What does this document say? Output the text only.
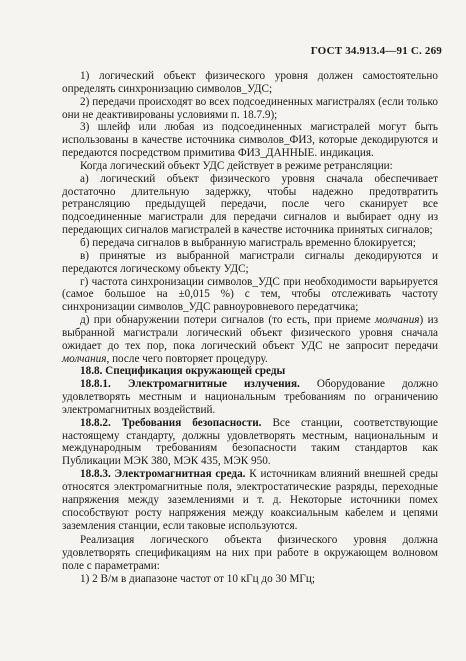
ГОСТ 34.913.4—91 С. 269

1) логический объект физического уровня должен самостоятельно определять синхронизацию символов_УДС;

2) передачи происходят во всех подсоединенных магистралях (если только они не деактивированы условиями п. 18.7.9);

3) шлейф или любая из подсоединенных магистралей могут быть использованы в качестве источника символов_ФИЗ, которые декодируются и передаются посредством примитива ФИЗ_ДАННЫЕ. индикация.

Когда логический объект УДС действует в режиме ретрансляции:

а) логический объект физического уровня сначала обеспечивает достаточно длительную задержку, чтобы надежно предотвратить ретрансляцию предыдущей передачи, после чего сканирует все подсоединенные магистрали для передачи сигналов и выбирает одну из передающих сигналов магистралей в качестве источника принятых сигналов;

б) передача сигналов в выбранную магистраль временно блокируется;

в) принятые из выбранной магистрали сигналы декодируются и передаются логическому объекту УДС;

г) частота синхронизации символов_УДС при необходимости варьируется (самое большое на ±0,015 %) с тем, чтобы отслеживать частоту синхронизации символов_УДС равноуровневого передатчика;

д) при обнаружении потери сигналов (то есть, при приеме молчания) из выбранной магистрали логический объект физического уровня сначала ожидает до тех пор, пока логический объект УДС не запросит передачи молчания, после чего повторяет процедуру.

18.8. Спецификация окружающей среды

18.8.1. Электромагнитные излучения. Оборудование должно удовлетворять местным и национальным требованиям по ограничению электромагнитных воздействий.

18.8.2. Требования безопасности. Все станции, соответствующие настоящему стандарту, должны удовлетворять местным, национальным и международным требованиям безопасности таким стандартов как Публикации МЭК 380, МЭК 435, МЭК 950.

18.8.3. Электромагнитная среда. К источникам влияний внешней среды относятся электромагнитные поля, электростатические разряды, переходные напряжения между заземлениями и т. д. Некоторые источники помех способствуют росту напряжения между коаксиальным кабелем и цепями заземления станции, если таковые используются.

Реализация логического объекта физического уровня должна удовлетворять спецификациям на них при работе в окружающем волновом поле с параметрами:

1) 2 В/м в диапазоне частот от 10 кГц до 30 МГц;
